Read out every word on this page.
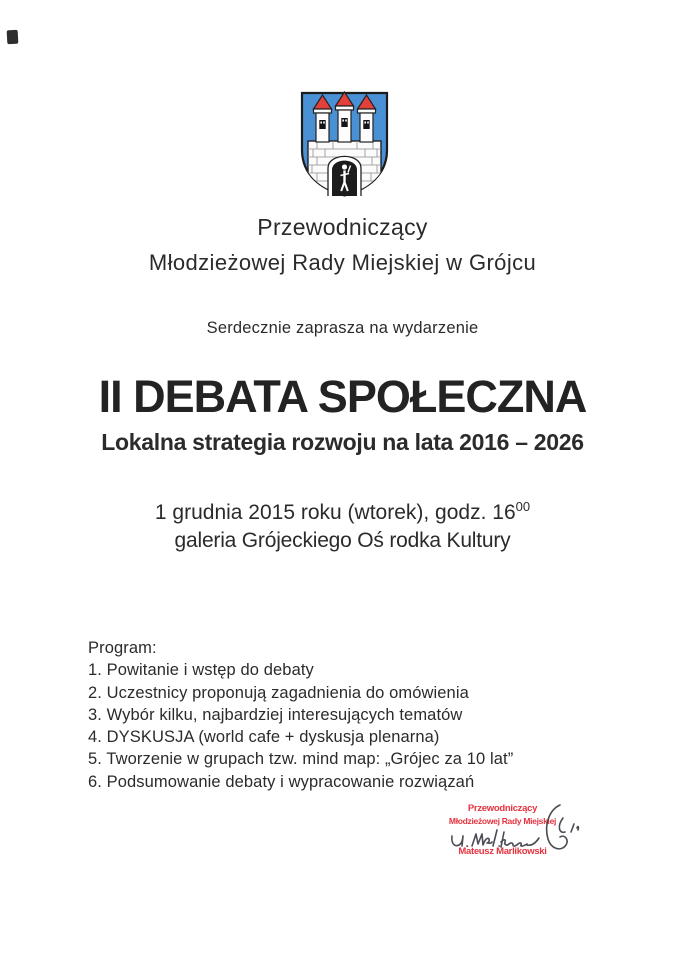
Przewodniczący
Młodzieżowej Rady Miejskiej w Grójcu
Serdecznie zaprasza na wydarzenie
II DEBATA SPOŁECZNA
Lokalna strategia rozwoju na lata 2016 – 2026
1 grudnia 2015 roku (wtorek), godz. $16^{00}$
galeria Grójeckiego Oś rodka Kultury
Program:
1. Powitanie i wstęp do debaty
2. Uczestnicy proponują zagadnienia do omówienia
3. Wybór kilku, najbardziej interesujących tematów
4. DYSKUSJA (world cafe + dyskusja plenarna)
5. Tworzenie w grupach tzw. mind map: „Grójec za 10 lat”
6. Podsumowanie debaty i wypracowanie rozwiązań
Przewodniczący
Młodzieżowej Rady Miejskiej
Mateusz Marlikowski
